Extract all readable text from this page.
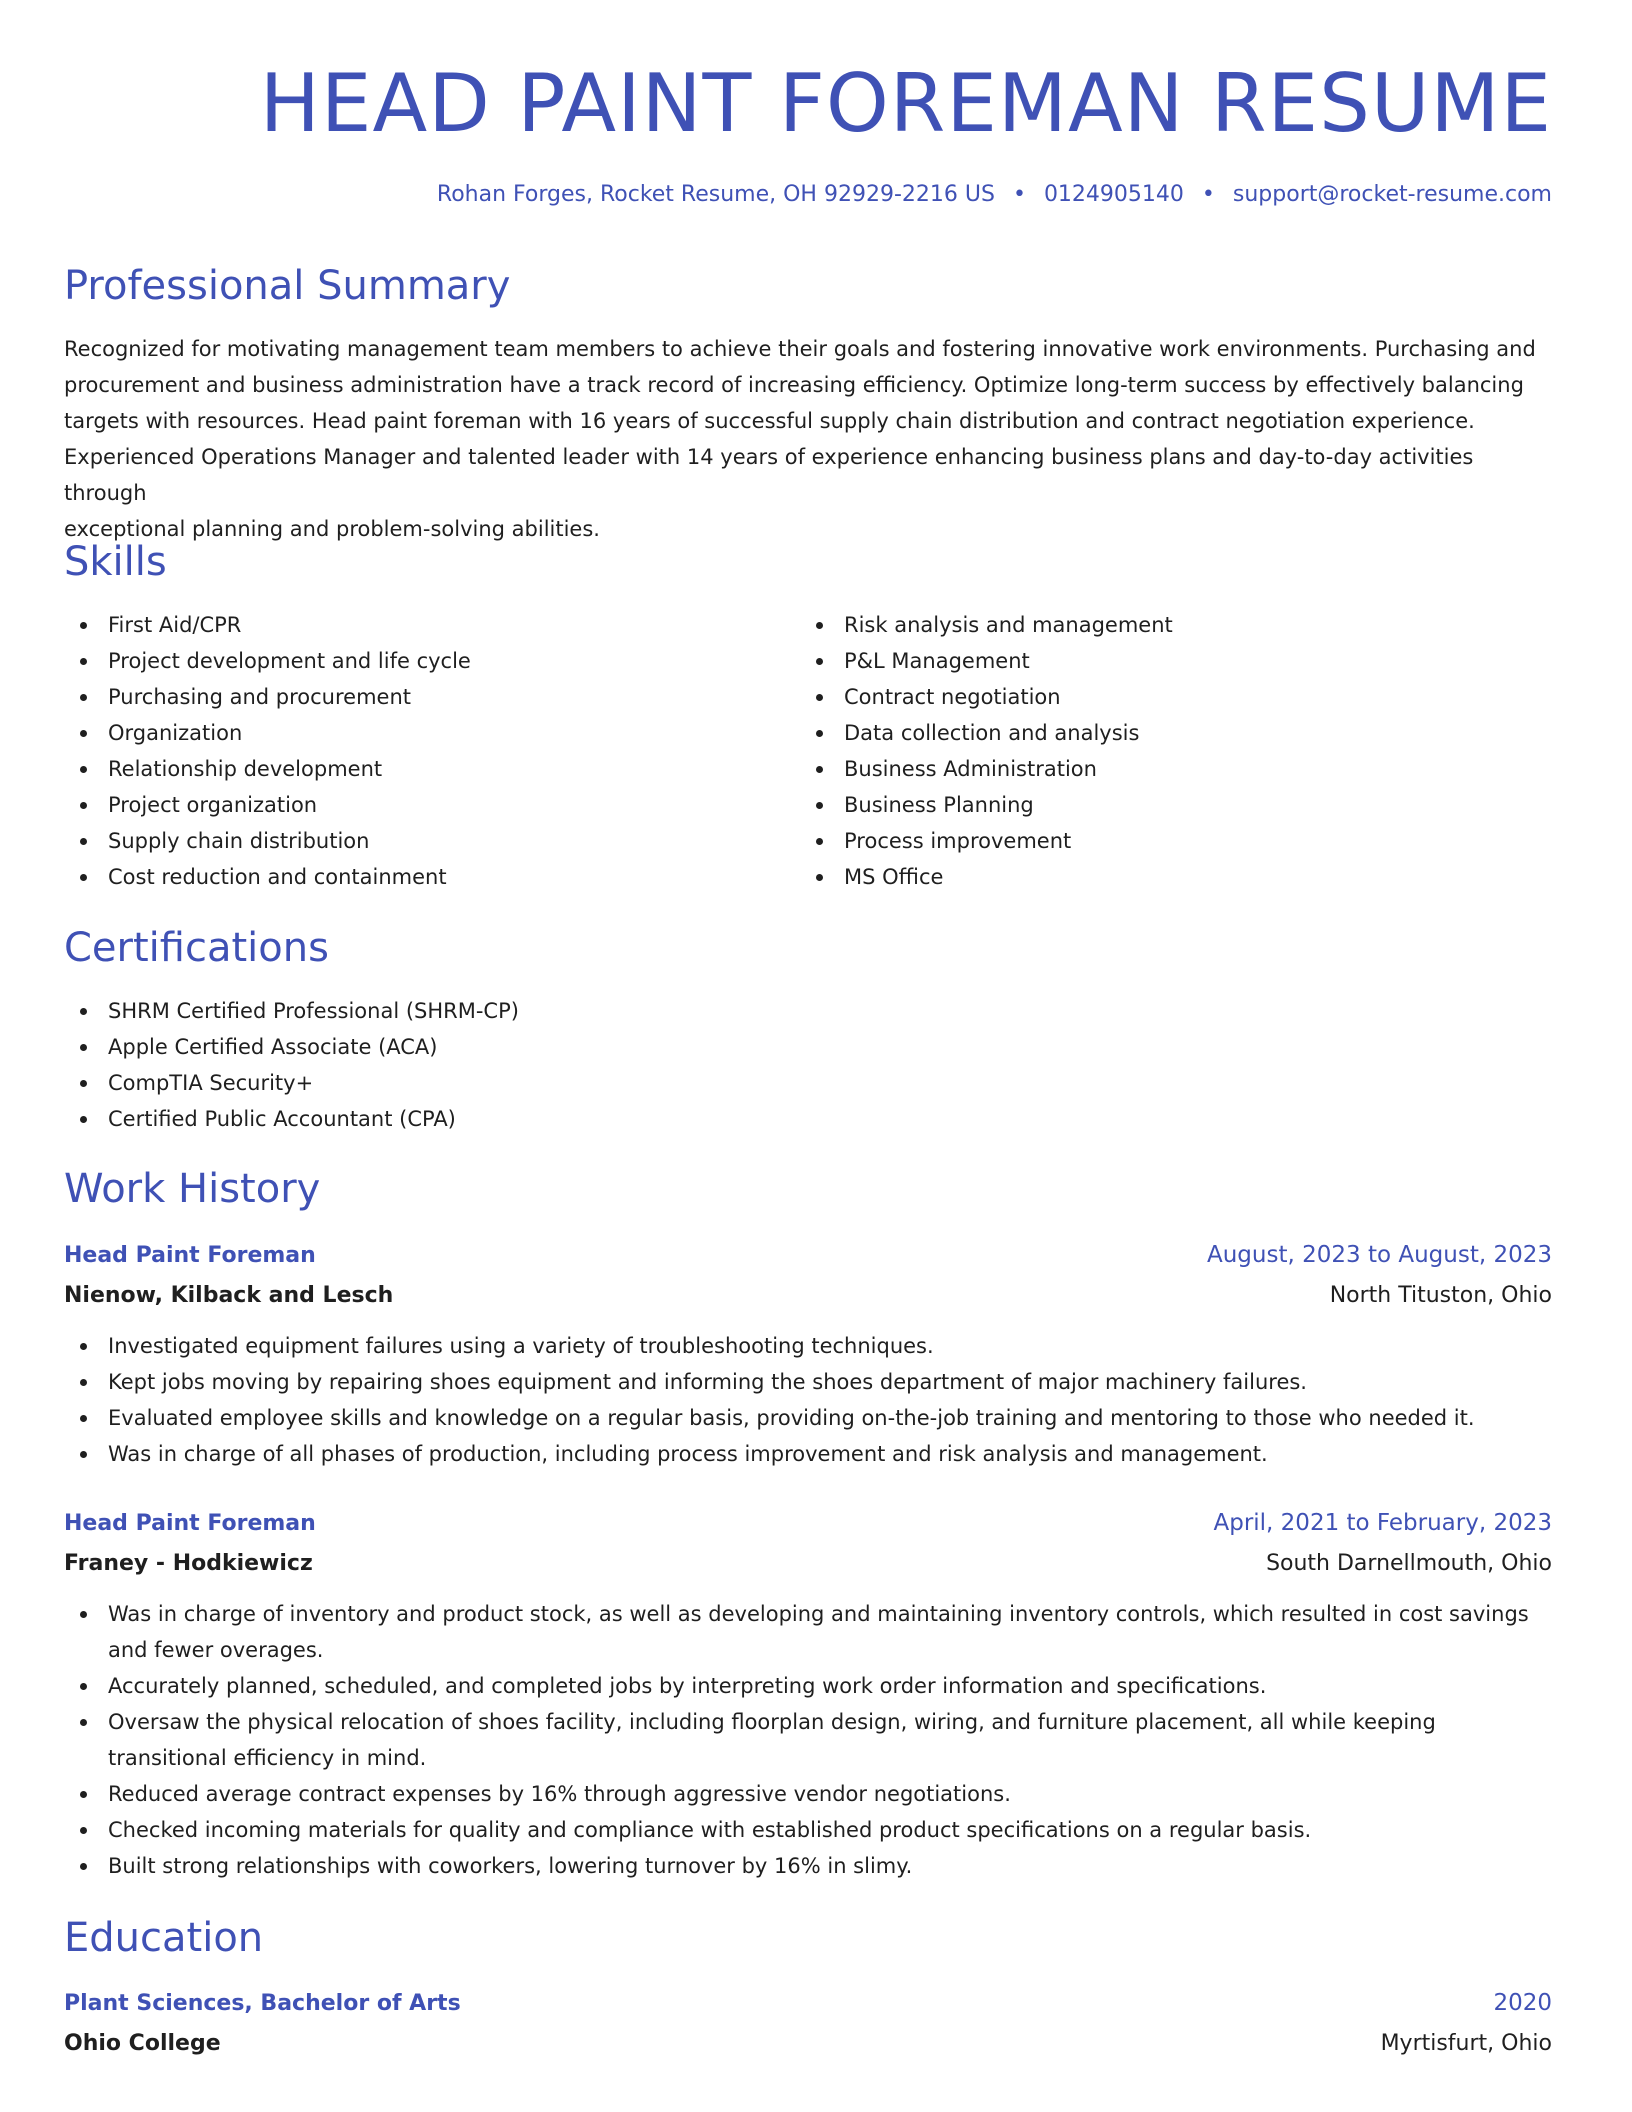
HEAD PAINT FOREMAN RESUME
Rohan Forges, Rocket Resume, OH 92929-2216 US • 0124905140 • support@rocket-resume.com
Professional Summary
Recognized for motivating management team members to achieve their goals and fostering innovative work environments. Purchasing and
procurement and business administration have a track record of increasing efficiency. Optimize long-term success by effectively balancing
targets with resources. Head paint foreman with 16 years of successful supply chain distribution and contract negotiation experience.
Experienced Operations Manager and talented leader with 14 years of experience enhancing business plans and day-to-day activities through
exceptional planning and problem-solving abilities.
Skills
First Aid/CPR
Project development and life cycle
Purchasing and procurement
Organization
Relationship development
Project organization
Supply chain distribution
Cost reduction and containment
Risk analysis and management
P&L Management
Contract negotiation
Data collection and analysis
Business Administration
Business Planning
Process improvement
MS Office
Certifications
SHRM Certified Professional (SHRM-CP)
Apple Certified Associate (ACA)
CompTIA Security+
Certified Public Accountant (CPA)
Work History
Head Paint Foreman	August, 2023 to August, 2023
Nienow, Kilback and Lesch	North Tituston, Ohio
Investigated equipment failures using a variety of troubleshooting techniques.
Kept jobs moving by repairing shoes equipment and informing the shoes department of major machinery failures.
Evaluated employee skills and knowledge on a regular basis, providing on-the-job training and mentoring to those who needed it.
Was in charge of all phases of production, including process improvement and risk analysis and management.
Head Paint Foreman	April, 2021 to February, 2023
Franey - Hodkiewicz	South Darnellmouth, Ohio
Was in charge of inventory and product stock, as well as developing and maintaining inventory controls, which resulted in cost savings and fewer overages.
Accurately planned, scheduled, and completed jobs by interpreting work order information and specifications.
Oversaw the physical relocation of shoes facility, including floorplan design, wiring, and furniture placement, all while keeping transitional efficiency in mind.
Reduced average contract expenses by 16% through aggressive vendor negotiations.
Checked incoming materials for quality and compliance with established product specifications on a regular basis.
Built strong relationships with coworkers, lowering turnover by 16% in slimy.
Education
Plant Sciences, Bachelor of Arts	2020
Ohio College	Myrtisfurt, Ohio
